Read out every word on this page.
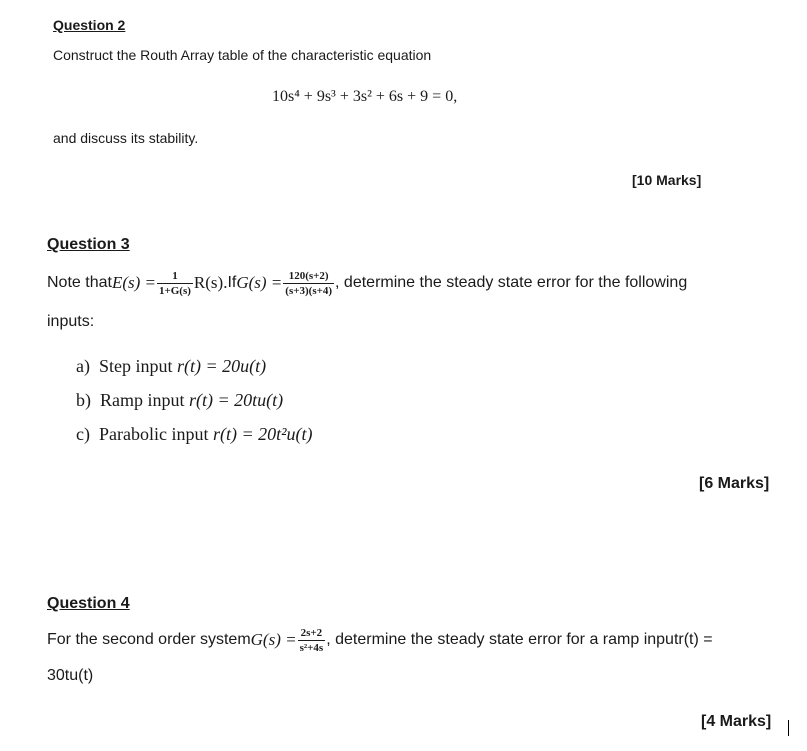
Question 2
Construct the Routh Array table of the characteristic equation
10s⁴ + 9s³ + 3s² + 6s + 9 = 0,
and discuss its stability.
[10 Marks]
Question 3
Note that $E(s) = \frac{1}{1+G(s)} R(s)$. If $G(s) = \frac{120(s+2)}{(s+3)(s+4)}$ , determine the steady state error for the following
inputs:
a) Step input r(t) = 20u(t)
b) Ramp input r(t) = 20tu(t)
c) Parabolic input r(t) = 20t²u(t)
[6 Marks]
Question 4
For the second order system $G(s) = \frac{2s+2}{\text{s²+4s}}$ , determine the steady state error for a ramp input r(t) =
30tu(t)
[4 Marks]
